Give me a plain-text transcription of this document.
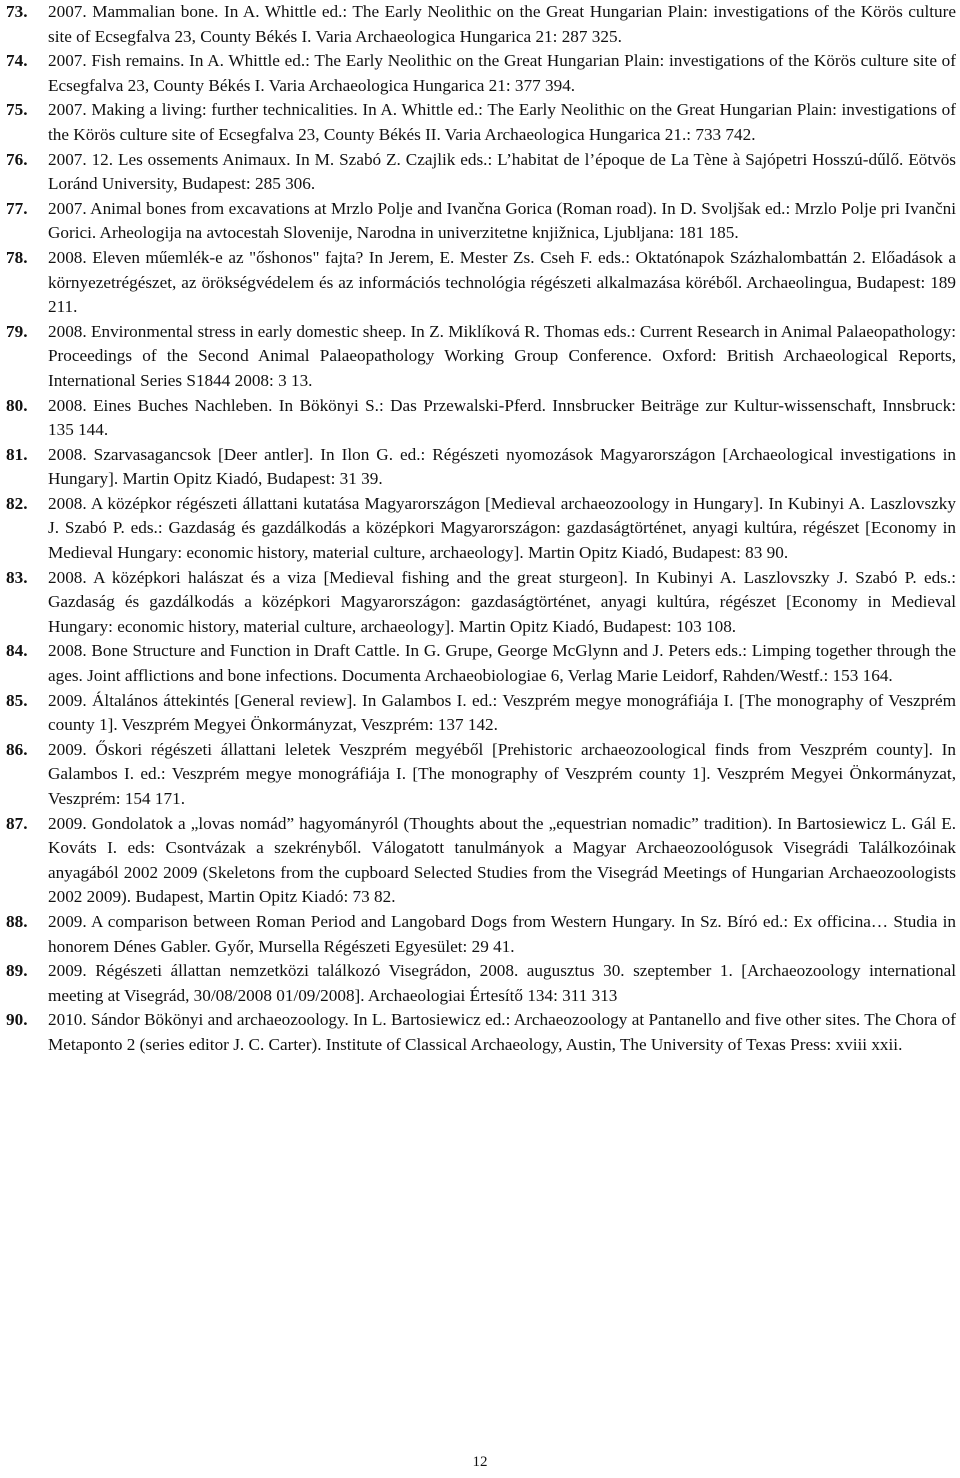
73.	2007. Mammalian bone. In A. Whittle ed.: The Early Neolithic on the Great Hungarian Plain: investigations of the Körös culture site of Ecsegfalva 23, County Békés I. Varia Archaeologica Hungarica 21: 287 325.
74.	2007. Fish remains. In A. Whittle ed.: The Early Neolithic on the Great Hungarian Plain: investigations of the Körös culture site of Ecsegfalva 23, County Békés I. Varia Archaeologica Hungarica 21: 377 394.
75.	2007. Making a living: further technicalities. In A. Whittle ed.: The Early Neolithic on the Great Hungarian Plain: investigations of the Körös culture site of Ecsegfalva 23, County Békés II. Varia Archaeologica Hungarica 21.: 733 742.
76.	2007. 12. Les ossements Animaux. In M. Szabó Z. Czajlik eds.: L’habitat de l’époque de La Tène à Sajópetri Hosszú-dűlő. Eötvös Loránd University, Budapest: 285 306.
77.	2007. Animal bones from excavations at Mrzlo Polje and Ivančna Gorica (Roman road). In D. Svoljšak ed.: Mrzlo Polje pri Ivančni Gorici. Arheologija na avtocestah Slovenije, Narodna in univerzitetne knjižnica, Ljubljana: 181 185.
78.	2008. Eleven műemlék-e az "őshonos" fajta? In Jerem, E. Mester Zs. Cseh F. eds.: Oktatónapok Százhalombattán 2. Előadások a környezetrégészet, az örökségvédelem és az információs technológia régészeti alkalmazása köréből. Archaeolingua, Budapest: 189 211.
79.	2008. Environmental stress in early domestic sheep. In Z. Miklíková R. Thomas eds.: Current Research in Animal Palaeopathology: Proceedings of the Second Animal Palaeopathology Working Group Conference. Oxford: British Archaeological Reports, International Series S1844 2008: 3 13.
80.	2008. Eines Buches Nachleben. In Bökönyi S.: Das Przewalski-Pferd. Innsbrucker Beiträge zur Kultur-wissenschaft, Innsbruck: 135 144.
81.	2008. Szarvasagancsok [Deer antler]. In Ilon G. ed.: Régészeti nyomozások Magyarországon [Archaeological investigations in Hungary]. Martin Opitz Kiadó, Budapest: 31 39.
82.	2008. A középkor régészeti állattani kutatása Magyarországon [Medieval archaeozoology in Hungary]. In Kubinyi A. Laszlovszky J. Szabó P. eds.: Gazdaság és gazdálkodás a középkori Magyarországon: gazdaságtörténet, anyagi kultúra, régészet [Economy in Medieval Hungary: economic history, material culture, archaeology]. Martin Opitz Kiadó, Budapest: 83 90.
83.	2008. A középkori halászat és a viza [Medieval fishing and the great sturgeon]. In Kubinyi A. Laszlovszky J. Szabó P. eds.: Gazdaság és gazdálkodás a középkori Magyarországon: gazdaságtörténet, anyagi kultúra, régészet [Economy in Medieval Hungary: economic history, material culture, archaeology]. Martin Opitz Kiadó, Budapest: 103 108.
84.	2008. Bone Structure and Function in Draft Cattle. In G. Grupe, George McGlynn and J. Peters eds.: Limping together through the ages. Joint afflictions and bone infections. Documenta Archaeobiologiae 6, Verlag Marie Leidorf, Rahden/Westf.: 153 164.
85.	2009. Általános áttekintés [General review]. In Galambos I. ed.: Veszprém megye monográfiája I. [The monography of Veszprém county 1]. Veszprém Megyei Önkormányzat, Veszprém: 137 142.
86.	2009. Őskori régészeti állattani leletek Veszprém megyéből [Prehistoric archaeozoological finds from Veszprém county]. In Galambos I. ed.: Veszprém megye monográfiája I. [The monography of Veszprém county 1]. Veszprém Megyei Önkormányzat, Veszprém: 154 171.
87.	2009. Gondolatok a „lovas nomád” hagyományról (Thoughts about the „equestrian nomadic” tradition). In Bartosiewicz L. Gál E. Kováts I. eds: Csontvázak a szekrényből. Válogatott tanulmányok a Magyar Archaeozoológusok Visegrádi Találkozóinak anyagából 2002 2009 (Skeletons from the cupboard Selected Studies from the Visegrád Meetings of Hungarian Archaeozoologists 2002 2009). Budapest, Martin Opitz Kiadó: 73 82.
88.	2009. A comparison between Roman Period and Langobard Dogs from Western Hungary. In Sz. Bíró ed.: Ex officina… Studia in honorem Dénes Gabler. Győr, Mursella Régészeti Egyesület: 29 41.
89.	2009. Régészeti állattan nemzetközi találkozó Visegrádon, 2008. augusztus 30. szeptember 1. [Archaeozoology international meeting at Visegrád, 30/08/2008 01/09/2008]. Archaeologiai Értesítő 134: 311 313
90.	2010. Sándor Bökönyi and archaeozoology. In L. Bartosiewicz ed.: Archaeozoology at Pantanello and five other sites. The Chora of Metaponto 2 (series editor J. C. Carter). Institute of Classical Archaeology, Austin, The University of Texas Press: xviii xxii.
12
